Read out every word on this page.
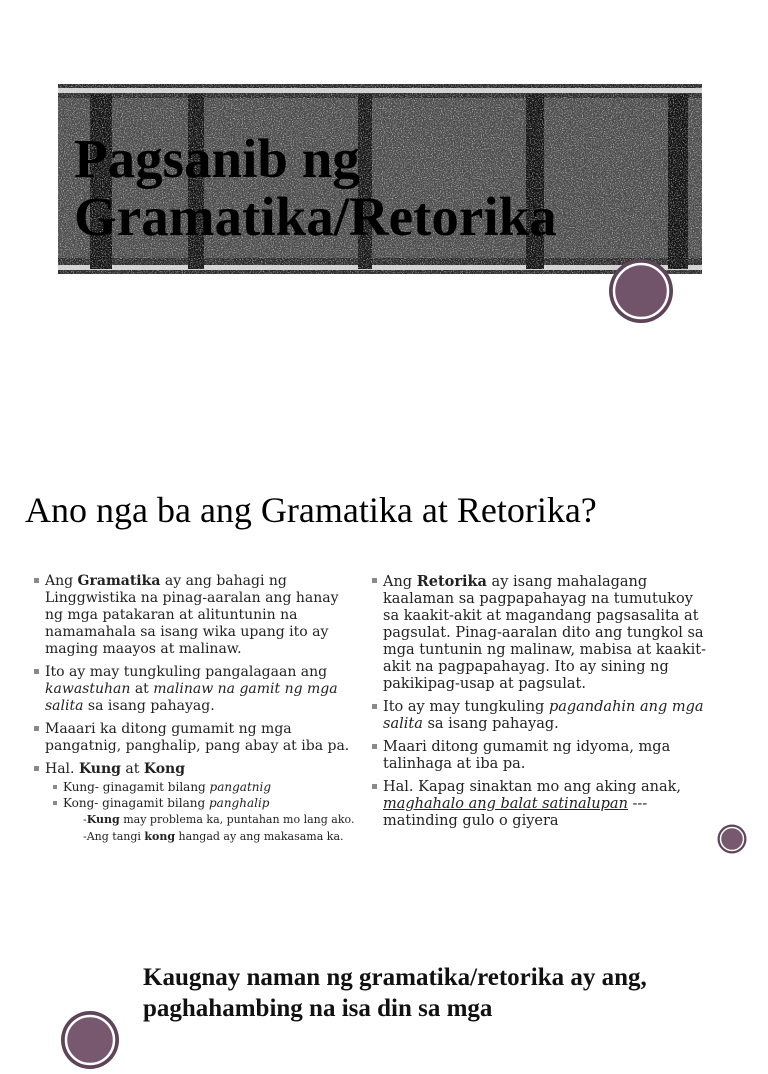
Pagsanib ng
Gramatika/Retorika
Ano nga ba ang Gramatika at Retorika?
Ang Gramatika ay ang bahagi ng Linggwistika na pinag-aaralan ang hanay ng mga patakaran at alituntunin na namamahala sa isang wika upang ito ay maging maayos at malinaw.
Ito ay may tungkuling pangalagaan ang kawastuhan at malinaw na gamit ng mga salita sa isang pahayag.
Maaari ka ditong gumamit ng mga pangatnig, panghalip, pang abay at iba pa.
Hal. Kung at Kong
Kung- ginagamit bilang pangatnig
Kong- ginagamit bilang panghalip
-Kung may problema ka, puntahan mo lang ako.
-Ang tangi kong hangad ay ang makasama ka.
Ang Retorika ay isang mahalagang kaalaman sa pagpapahayag na tumutukoy sa kaakit-akit at magandang pagsasalita at pagsulat. Pinag-aaralan dito ang tungkol sa mga tuntunin ng malinaw, mabisa at kaakit-akit na pagpapahayag. Ito ay sining ng pakikipag-usap at pagsulat.
Ito ay may tungkuling pagandahin ang mga salita sa isang pahayag.
Maari ditong gumamit ng idyoma, mga talinhaga at iba pa.
Hal. Kapag sinaktan mo ang aking anak, maghahalo ang balat satinalupan --- matinding gulo o giyera

Kaugnay naman ng gramatika/retorika ay ang, paghahambing na isa din sa mga
